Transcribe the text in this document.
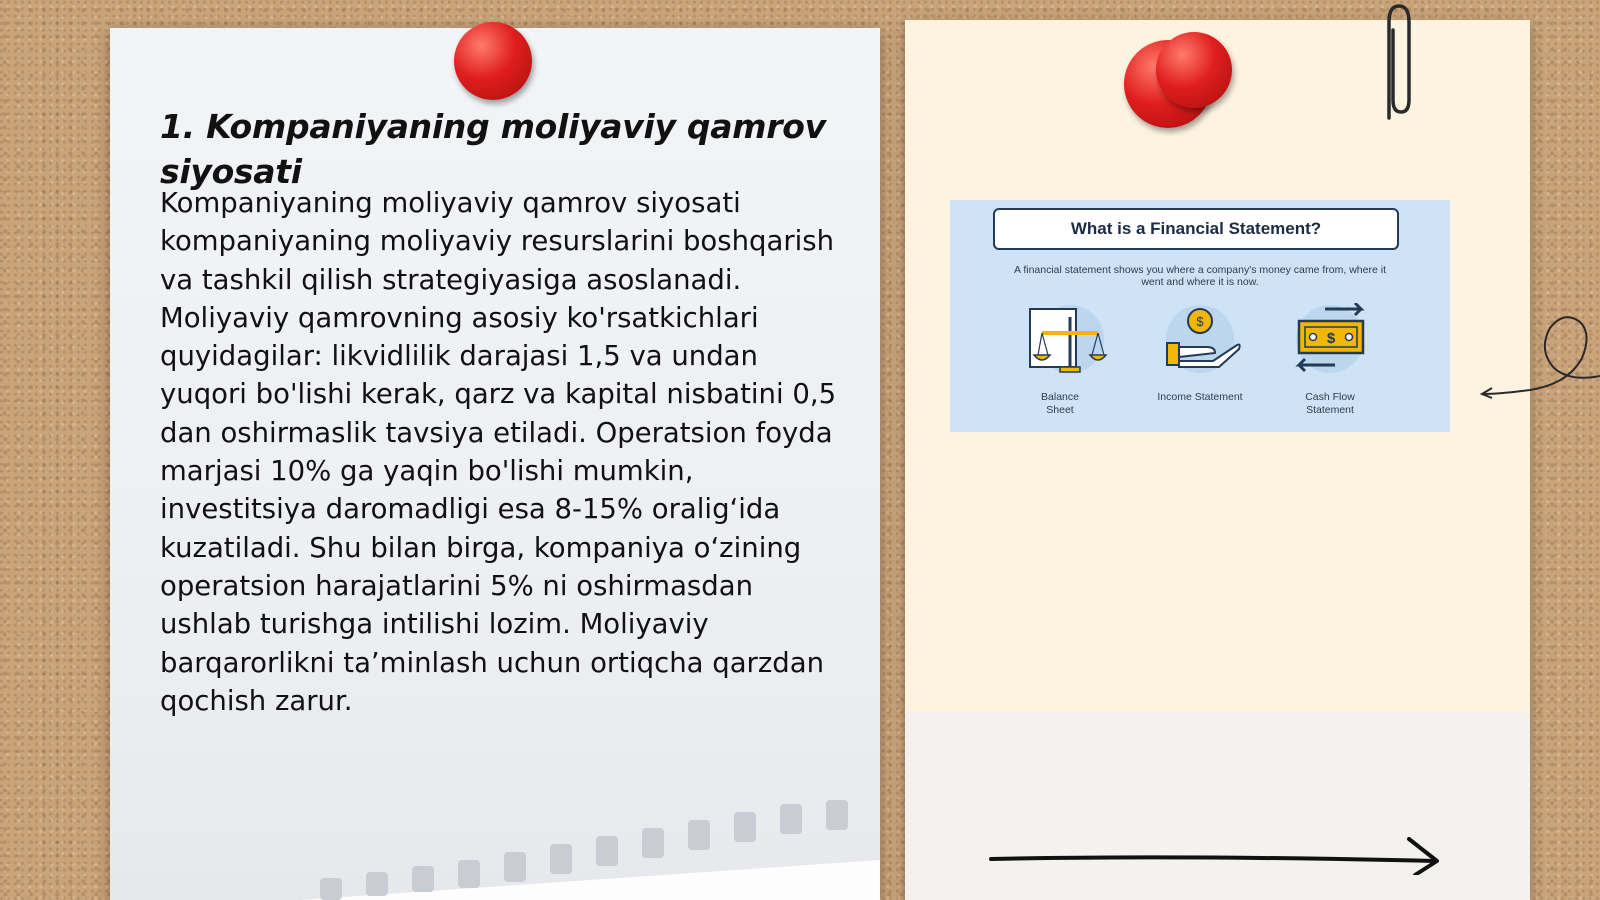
1. Kompaniyaning moliyaviy qamrov siyosati

Kompaniyaning moliyaviy qamrov siyosati kompaniyaning moliyaviy resurslarini boshqarish va tashkil qilish strategiyasiga asoslanadi. Moliyaviy qamrovning asosiy ko'rsatkichlari quyidagilar: likvidlilik darajasi 1,5 va undan yuqori bo'lishi kerak, qarz va kapital nisbatini 0,5 dan oshirmaslik tavsiya etiladi. Operatsion foyda marjasi 10% ga yaqin bo'lishi mumkin, investitsiya daromadligi esa 8-15% oralig‘ida kuzatiladi. Shu bilan birga, kompaniya o‘zining operatsion harajatlarini 5% ni oshirmasdan ushlab turishga intilishi lozim. Moliyaviy barqarorlikni ta’minlash uchun ortiqcha qarzdan qochish zarur.

What is a Financial Statement?
A financial statement shows you where a company's money came from, where it went and where it is now.
Balance Sheet
$
Income Statement
$
Cash Flow Statement
